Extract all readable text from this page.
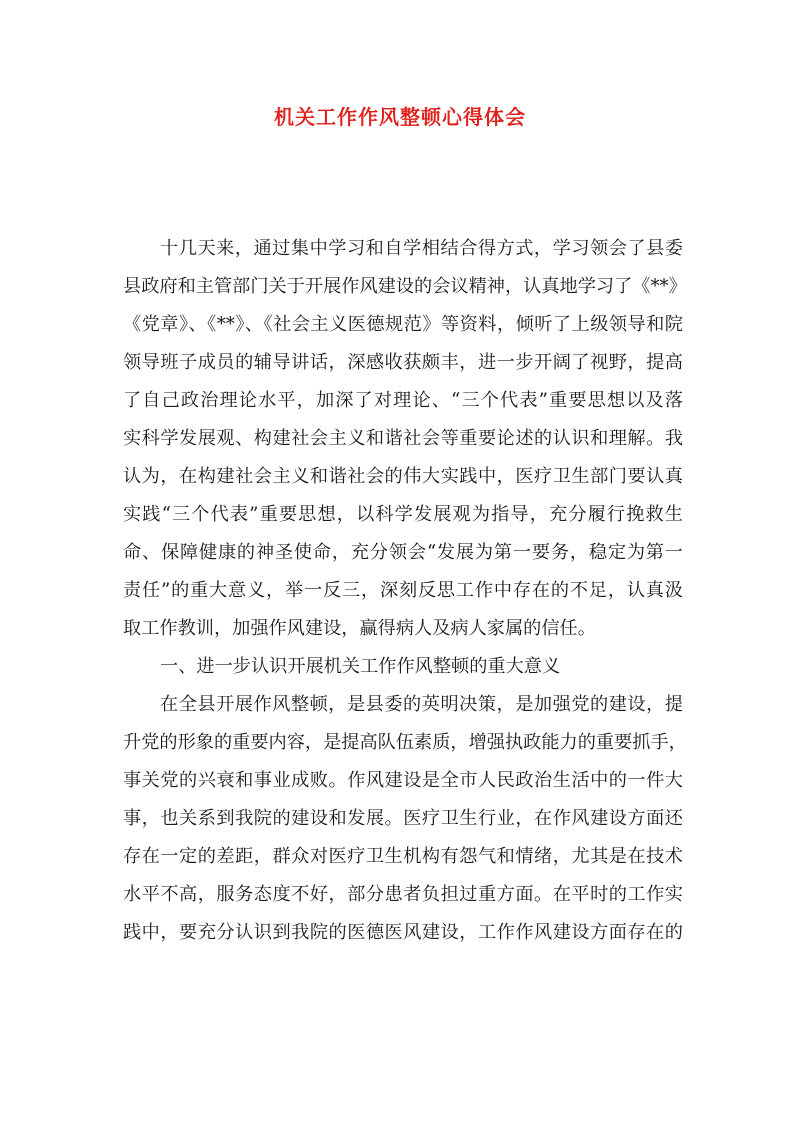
机关工作作风整顿心得体会
十几天来，通过集中学习和自学相结合得方式，学习领会了县委
县政府和主管部门关于开展作风建设的会议精神，认真地学习了《**》
《党章》、《**》、《社会主义医德规范》等资料，倾听了上级领导和院
领导班子成员的辅导讲话，深感收获颇丰，进一步开阔了视野，提高
了自己政治理论水平，加深了对理论、“三个代表”重要思想以及落
实科学发展观、构建社会主义和谐社会等重要论述的认识和理解。我
认为，在构建社会主义和谐社会的伟大实践中，医疗卫生部门要认真
实践“三个代表”重要思想，以科学发展观为指导，充分履行挽救生
命、保障健康的神圣使命，充分领会“发展为第一要务，稳定为第一
责任”的重大意义，举一反三，深刻反思工作中存在的不足，认真汲
取工作教训，加强作风建设，赢得病人及病人家属的信任。
一、进一步认识开展机关工作作风整顿的重大意义
在全县开展作风整顿，是县委的英明决策，是加强党的建设，提
升党的形象的重要内容，是提高队伍素质，增强执政能力的重要抓手，
事关党的兴衰和事业成败。作风建设是全市人民政治生活中的一件大
事，也关系到我院的建设和发展。医疗卫生行业，在作风建设方面还
存在一定的差距，群众对医疗卫生机构有怨气和情绪，尤其是在技术
水平不高，服务态度不好，部分患者负担过重方面。在平时的工作实
践中，要充分认识到我院的医德医风建设，工作作风建设方面存在的
